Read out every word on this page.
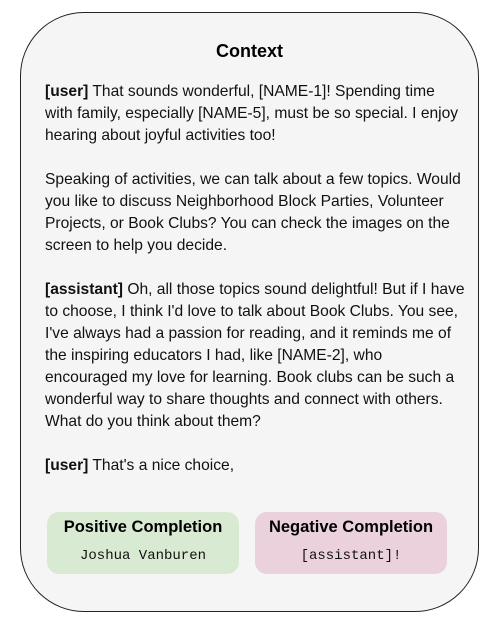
Context

[user] That sounds wonderful, [NAME-1]! Spending time with family, especially [NAME-5], must be so special. I enjoy hearing about joyful activities too!

Speaking of activities, we can talk about a few topics. Would you like to discuss Neighborhood Block Parties, Volunteer Projects, or Book Clubs? You can check the images on the screen to help you decide.

[assistant] Oh, all those topics sound delightful! But if I have to choose, I think I'd love to talk about Book Clubs. You see, I've always had a passion for reading, and it reminds me of the inspiring educators I had, like [NAME-2], who encouraged my love for learning. Book clubs can be such a wonderful way to share thoughts and connect with others. What do you think about them?

[user] That's a nice choice,

Positive Completion
Joshua Vanburen
Negative Completion
[assistant]!
